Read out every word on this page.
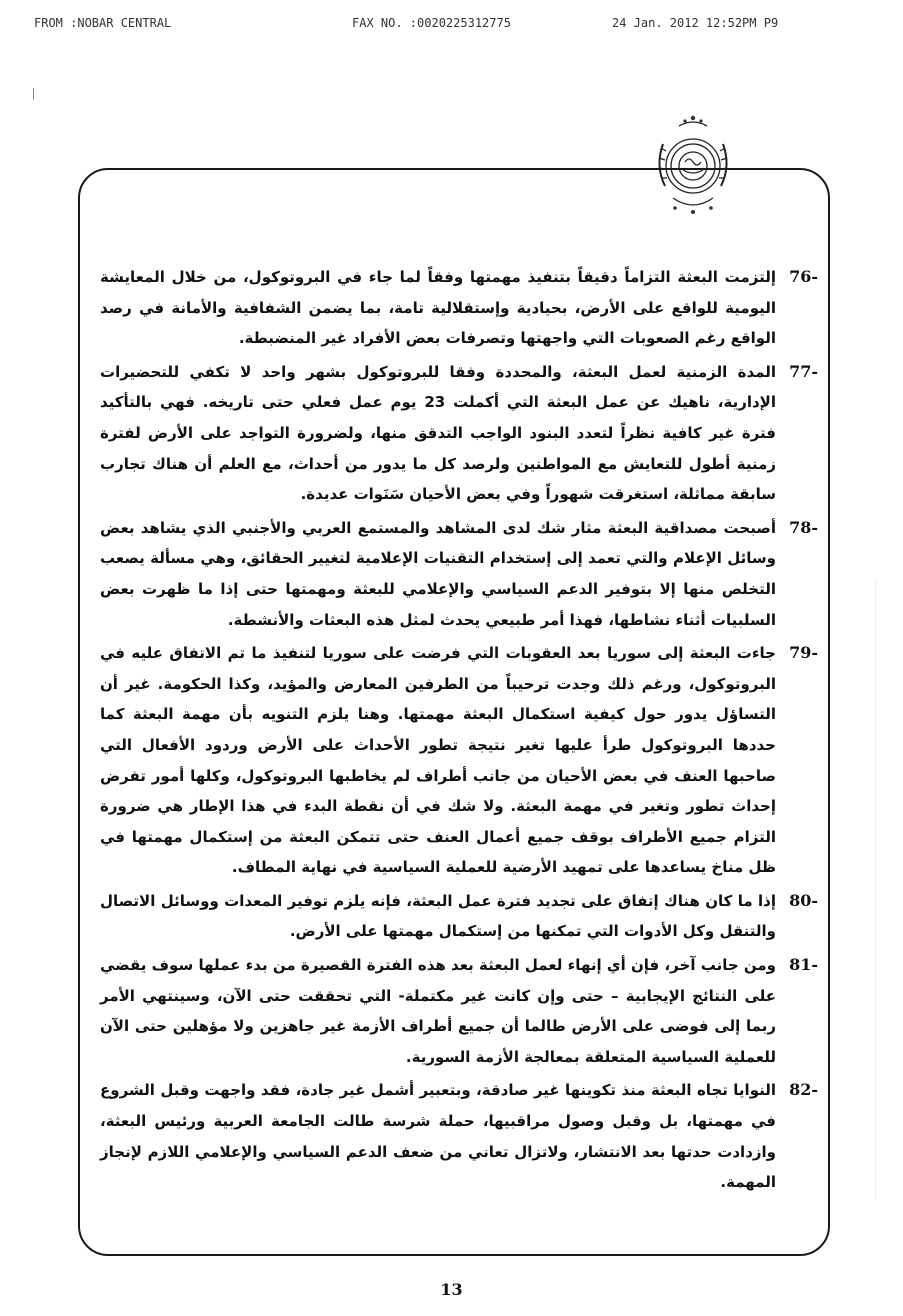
FROM :NOBAR CENTRAL	FAX NO. :0020225312775	24 Jan. 2012 12:52PM P9
76-
إلتزمت البعثة التزاماً دقيقاً بتنفيذ مهمتها وفقاً لما جاء في البروتوكول، من خلال المعايشة اليومية للواقع على الأرض، بحيادية وإستقلالية تامة، بما يضمن الشفافية والأمانة في رصد الواقع رغم الصعوبات التي واجهتها وتصرفات بعض الأفراد غير المنضبطة.
77-
المدة الزمنية لعمل البعثة، والمحددة وفقا للبروتوكول بشهر واحد لا تكفي للتحضيرات الإدارية، ناهيك عن عمل البعثة التي أكملت 23 يوم عمل فعلي حتى تاريخه. فهي بالتأكيد فترة غير كافية نظراً لتعدد البنود الواجب التدقق منها، ولضرورة التواجد على الأرض لفترة زمنية أطول للتعايش مع المواطنين ولرصد كل ما يدور من أحداث، مع العلم أن هناك تجارب سابقة مماثلة، استغرقت شهوراً وفي بعض الأحيان سَنَوات عديدة.
78-
أصبحت مصداقية البعثة مثار شك لدى المشاهد والمستمع العربي والأجنبي الذي يشاهد بعض وسائل الإعلام والتي تعمد إلى إستخدام التقنيات الإعلامية لتغيير الحقائق، وهي مسألة يصعب التخلص منها إلا بتوفير الدعم السياسي والإعلامي للبعثة ومهمتها حتى إذا ما ظهرت بعض السلبيات أثناء نشاطها، فهذا أمر طبيعي يحدث لمثل هذه البعثات والأنشطة.
79-
جاءت البعثة إلى سوريا بعد العقوبات التي فرضت على سوريا لتنفيذ ما تم الاتفاق عليه في البروتوكول، ورغم ذلك وجدت ترحيباً من الطرفين المعارض والمؤيد، وكذا الحكومة. غير أن التساؤل يدور حول كيفية استكمال البعثة مهمتها. وهنا يلزم التنويه بأن مهمة البعثة كما حددها البروتوكول طرأ عليها تغير نتيجة تطور الأحداث على الأرض وردود الأفعال التي صاحبها العنف في بعض الأحيان من جانب أطراف لم يخاطبها البروتوكول، وكلها أمور تفرض إحداث تطور وتغير في مهمة البعثة. ولا شك في أن نقطة البدء في هذا الإطار هي ضرورة التزام جميع الأطراف بوقف جميع أعمال العنف حتى تتمكن البعثة من إستكمال مهمتها في ظل مناخ يساعدها على تمهيد الأرضية للعملية السياسية في نهاية المطاف.
80-
إذا ما كان هناك إتفاق على تجديد فترة عمل البعثة، فإنه يلزم توفير المعدات ووسائل الاتصال والتنقل وكل الأدوات التي تمكنها من إستكمال مهمتها على الأرض.
81-
ومن جانب آخر، فإن أي إنهاء لعمل البعثة بعد هذه الفترة القصيرة من بدء عملها سوف يقضي على النتائج الإيجابية – حتى وإن كانت غير مكتملة- التي تحققت حتى الآن، وسينتهي الأمر ربما إلى فوضى على الأرض طالما أن جميع أطراف الأزمة غير جاهزين ولا مؤهلين حتى الآن للعملية السياسية المتعلقة بمعالجة الأزمة السورية.
82-
النوايا تجاه البعثة منذ تكوينها غير صادقة، وبتعبير أشمل غير جادة، فقد واجهت وقبل الشروع في مهمتها، بل وقبل وصول مراقبيها، حملة شرسة طالت الجامعة العربية ورئيس البعثة، وازدادت حدتها بعد الانتشار، ولاتزال تعاني من ضعف الدعم السياسي والإعلامي اللازم لإنجاز المهمة.
13
